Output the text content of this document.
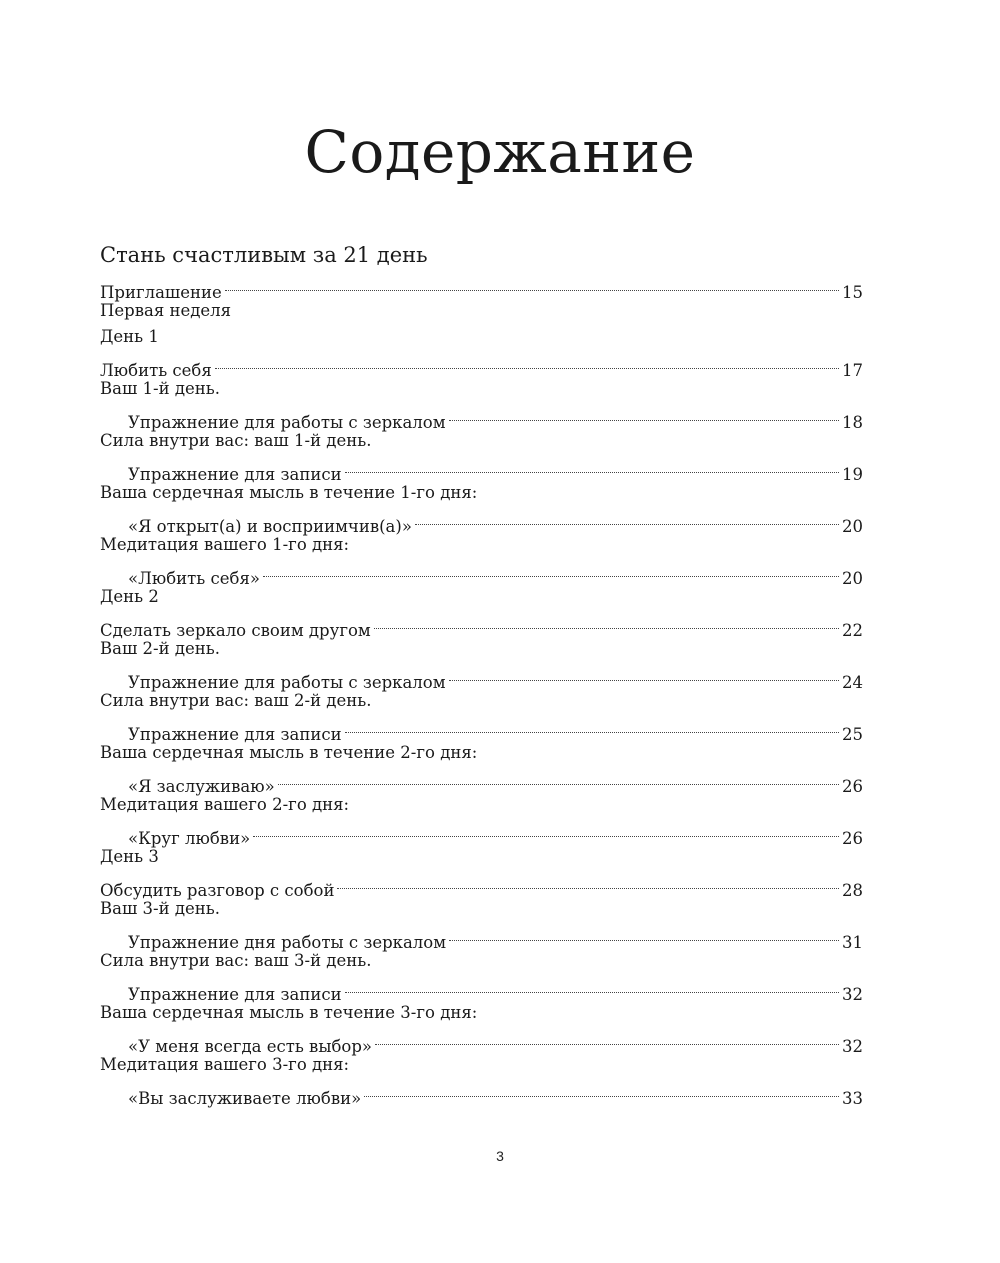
Содержание
Стань счастливым за 21 день
Приглашение	15
Первая неделя
День 1
Любить себя	17
Ваш 1-й день.
Упражнение для работы с зеркалом	18
Сила внутри вас: ваш 1-й день.
Упражнение для записи	19
Ваша сердечная мысль в течение 1-го дня:
«Я открыт(а) и восприимчив(а)»	20
Медитация вашего 1-го дня:
«Любить себя»	20
День 2
Сделать зеркало своим другом	22
Ваш 2-й день.
Упражнение для работы с зеркалом	24
Сила внутри вас: ваш 2-й день.
Упражнение для записи	25
Ваша сердечная мысль в течение 2-го дня:
«Я заслуживаю»	26
Медитация вашего 2-го дня:
«Круг любви»	26
День 3
Обсудить разговор с собой	28
Ваш 3-й день.
Упражнение дня работы с зеркалом	31
Сила внутри вас: ваш 3-й день.
Упражнение для записи	32
Ваша сердечная мысль в течение 3-го дня:
«У меня всегда есть выбор»	32
Медитация вашего 3-го дня:
«Вы заслуживаете любви»	33
3
